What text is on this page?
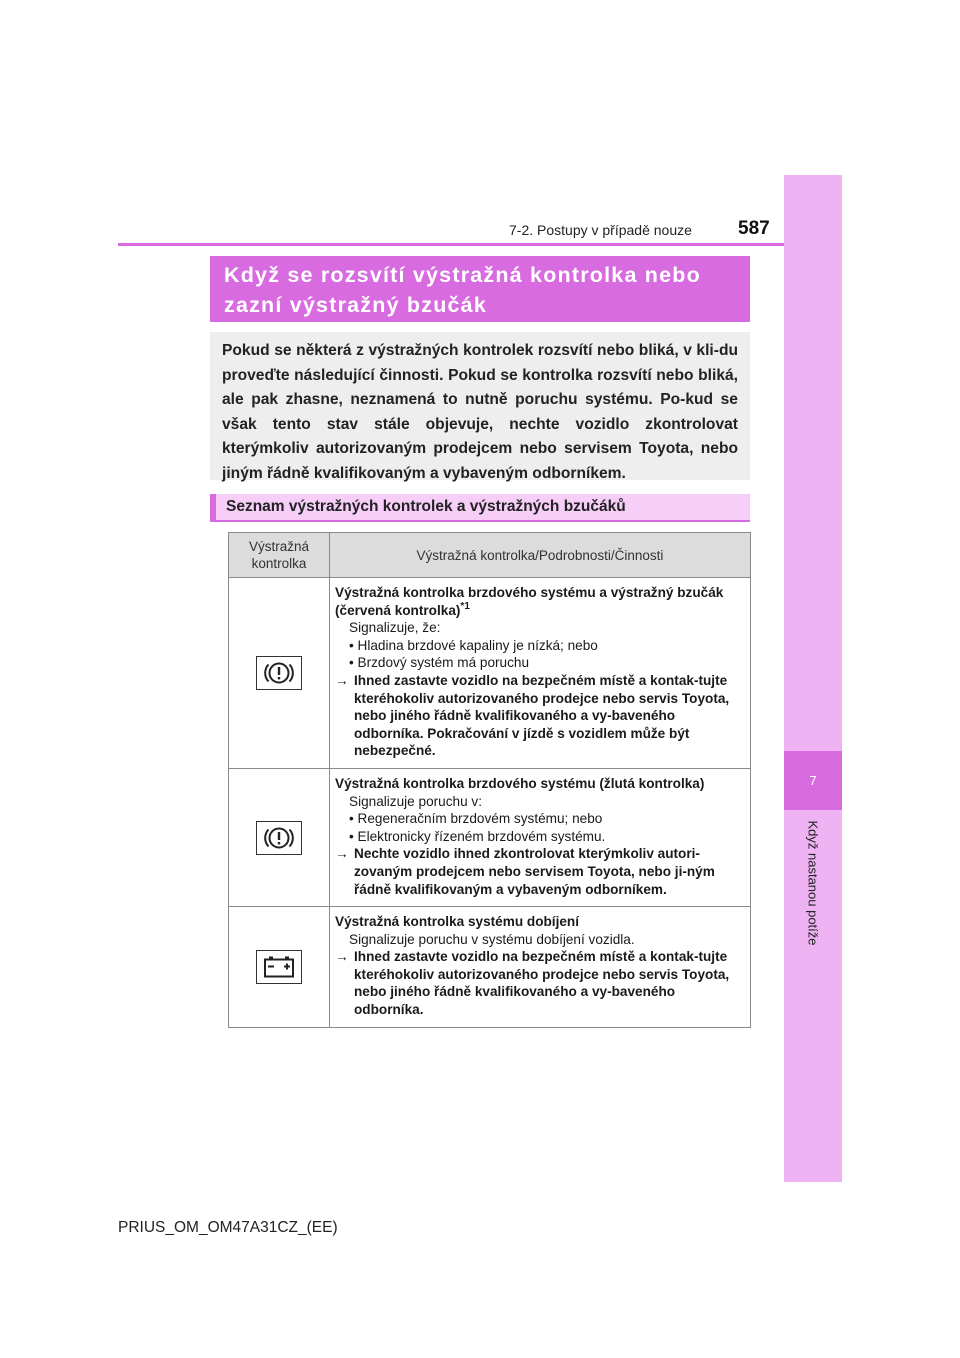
7
Když nastanou potíže
7-2. Postupy v případě nouze 587
Když se rozsvítí výstražná kontrolka nebo
zazní výstražný bzučák
Pokud se některá z výstražných kontrolek rozsvítí nebo bliká, v kli-du proveďte následující činnosti. Pokud se kontrolka rozsvítí nebo bliká, ale pak zhasne, neznamená to nutně poruchu systému. Po-kud se však tento stav stále objevuje, nechte vozidlo zkontrolovat kterýmkoliv autorizovaným prodejcem nebo servisem Toyota, nebo jiným řádně kvalifikovaným a vybaveným odborníkem.
Seznam výstražných kontrolek a výstražných bzučáků
Výstražná
kontrolka	Výstražná kontrolka/Podrobnosti/Činnosti

Výstražná kontrolka brzdového systému a výstražný bzučák (červená kontrolka)$^{*1}$
Signalizuje, že:
• Hladina brzdové kapaliny je nízká; nebo
• Brzdový systém má poruchu
→ Ihned zastavte vozidlo na bezpečném místě a kontak-tujte kteréhokoliv autorizovaného prodejce nebo servis Toyota, nebo jiného řádně kvalifikovaného a vy-baveného odborníka. Pokračování v jízdě s vozidlem může být nebezpečné.

Výstražná kontrolka brzdového systému (žlutá kontrolka)
Signalizuje poruchu v:
• Regeneračním brzdovém systému; nebo
• Elektronicky řízeném brzdovém systému.
→ Nechte vozidlo ihned zkontrolovat kterýmkoliv autori-zovaným prodejcem nebo servisem Toyota, nebo ji-ným řádně kvalifikovaným a vybaveným odborníkem.

Výstražná kontrolka systému dobíjení
Signalizuje poruchu v systému dobíjení vozidla.
→ Ihned zastavte vozidlo na bezpečném místě a kontak-tujte kteréhokoliv autorizovaného prodejce nebo servis Toyota, nebo jiného řádně kvalifikovaného a vy-baveného odborníka.
PRIUS_OM_OM47A31CZ_(EE)
